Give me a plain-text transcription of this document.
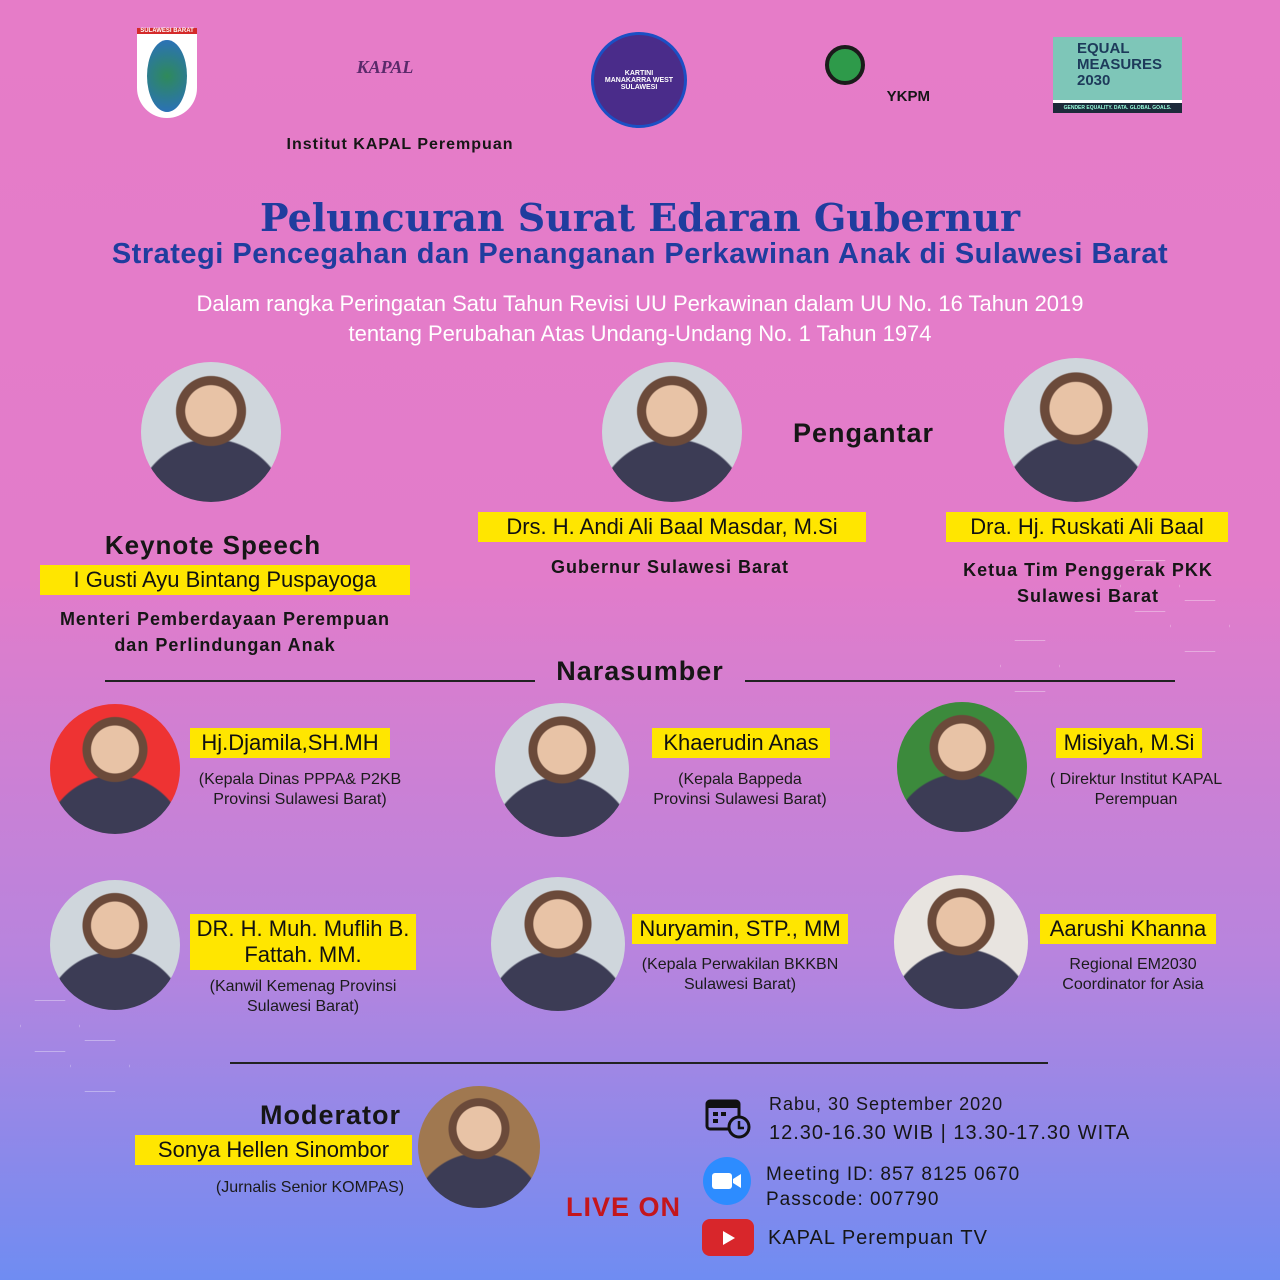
SULAWESI BARAT
KAPAL	KARTINI MANAKARRA WEST SULAWESI
YKPM
EQUAL MEASURES 2030
GENDER EQUALITY. DATA. GLOBAL GOALS.
Institut KAPAL Perempuan
Peluncuran Surat Edaran Gubernur
Strategi Pencegahan dan Penanganan Perkawinan Anak di Sulawesi Barat
Dalam rangka Peringatan Satu Tahun Revisi UU Perkawinan dalam UU No. 16 Tahun 2019
tentang Perubahan Atas Undang-Undang No. 1 Tahun 1974
Keynote Speech
I Gusti Ayu Bintang Puspayoga
Menteri Pemberdayaan Perempuan
dan Perlindungan Anak
Pengantar
Drs. H. Andi Ali Baal Masdar, M.Si
Gubernur Sulawesi Barat
Dra. Hj. Ruskati Ali Baal
Ketua Tim Penggerak PKK
Sulawesi Barat
Narasumber
Hj.Djamila,SH.MH
(Kepala Dinas PPPA& P2KB
Provinsi Sulawesi Barat)
Khaerudin Anas
(Kepala Bappeda
Provinsi Sulawesi Barat)
Misiyah, M.Si
( Direktur Institut KAPAL
Perempuan
DR. H. Muh. Muflih B.
Fattah. MM.
(Kanwil Kemenag Provinsi
Sulawesi Barat)
Nuryamin, STP., MM
(Kepala Perwakilan BKKBN
Sulawesi Barat)
Aarushi Khanna
Regional EM2030
Coordinator for Asia
Moderator
Sonya Hellen Sinombor
(Jurnalis Senior KOMPAS)
LIVE ON
Rabu, 30 September 2020
12.30-16.30 WIB | 13.30-17.30 WITA
Meeting ID: 857 8125 0670
Passcode: 007790
KAPAL Perempuan TV
